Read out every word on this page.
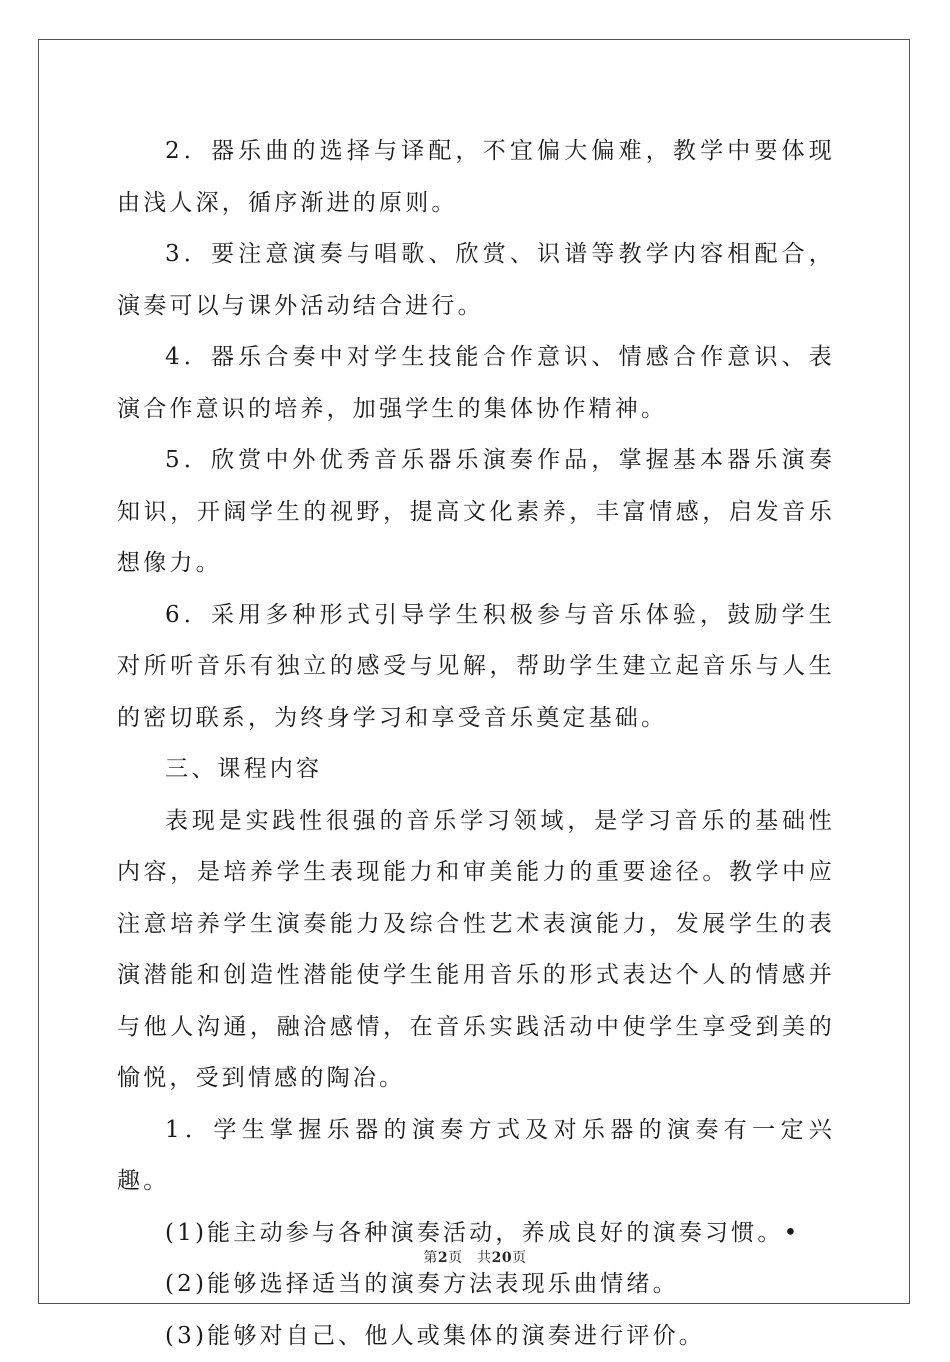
2．器乐曲的选择与译配，不宜偏大偏难，教学中要体现由浅人深，循序渐进的原则。

3．要注意演奏与唱歌、欣赏、识谱等教学内容相配合，演奏可以与课外活动结合进行。

4．器乐合奏中对学生技能合作意识、情感合作意识、表演合作意识的培养，加强学生的集体协作精神。

5．欣赏中外优秀音乐器乐演奏作品，掌握基本器乐演奏知识，开阔学生的视野，提高文化素养，丰富情感，启发音乐想像力。

6．采用多种形式引导学生积极参与音乐体验，鼓励学生对所听音乐有独立的感受与见解，帮助学生建立起音乐与人生的密切联系，为终身学习和享受音乐奠定基础。

三、课程内容

表现是实践性很强的音乐学习领域，是学习音乐的基础性内容，是培养学生表现能力和审美能力的重要途径。教学中应注意培养学生演奏能力及综合性艺术表演能力，发展学生的表演潜能和创造性潜能使学生能用音乐的形式表达个人的情感并与他人沟通，融洽感情，在音乐实践活动中使学生享受到美的愉悦，受到情感的陶冶。

1．学生掌握乐器的演奏方式及对乐器的演奏有一定兴趣。

(1)能主动参与各种演奏活动，养成良好的演奏习惯。•

(2)能够选择适当的演奏方法表现乐曲情绪。

(3)能够对自己、他人或集体的演奏进行评价。

第2页　共20页
